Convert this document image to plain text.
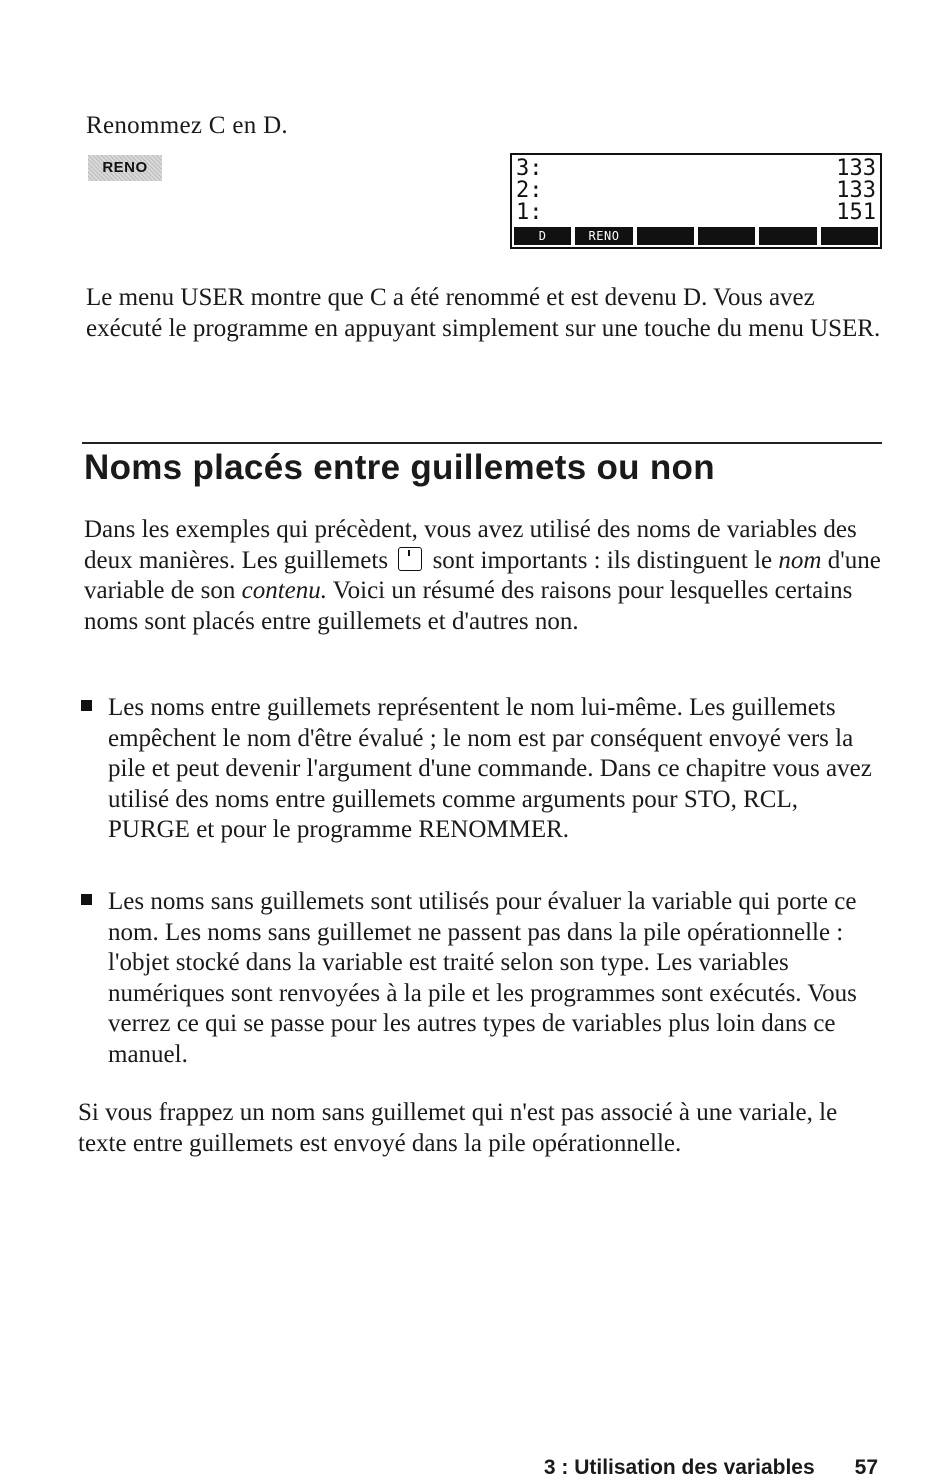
Renommez C en D.
RENO	3:	133
2:	133
1:	151
D	RENO

Le menu USER montre que C a été renommé et est devenu D. Vous avez exécuté le programme en appuyant simplement sur une touche du menu USER.

Noms placés entre guillemets ou non

Dans les exemples qui précèdent, vous avez utilisé des noms de variables des deux manières. Les guillemets sont importants : ils distinguent le nom d'une variable de son contenu. Voici un résumé des raisons pour lesquelles certains noms sont placés entre guillemets et d'autres non.

Les noms entre guillemets représentent le nom lui-même. Les guillemets empêchent le nom d'être évalué ; le nom est par conséquent envoyé vers la pile et peut devenir l'argument d'une commande. Dans ce chapitre vous avez utilisé des noms entre guillemets comme arguments pour STO, RCL, PURGE et pour le programme RENOMMER.
Les noms sans guillemets sont utilisés pour évaluer la variable qui porte ce nom. Les noms sans guillemet ne passent pas dans la pile opérationnelle : l'objet stocké dans la variable est traité selon son type. Les variables numériques sont renvoyées à la pile et les programmes sont exécutés. Vous verrez ce qui se passe pour les autres types de variables plus loin dans ce manuel.

Si vous frappez un nom sans guillemet qui n'est pas associé à une variale, le texte entre guillemets est envoyé dans la pile opérationnelle.

3 : Utilisation des variables 57
